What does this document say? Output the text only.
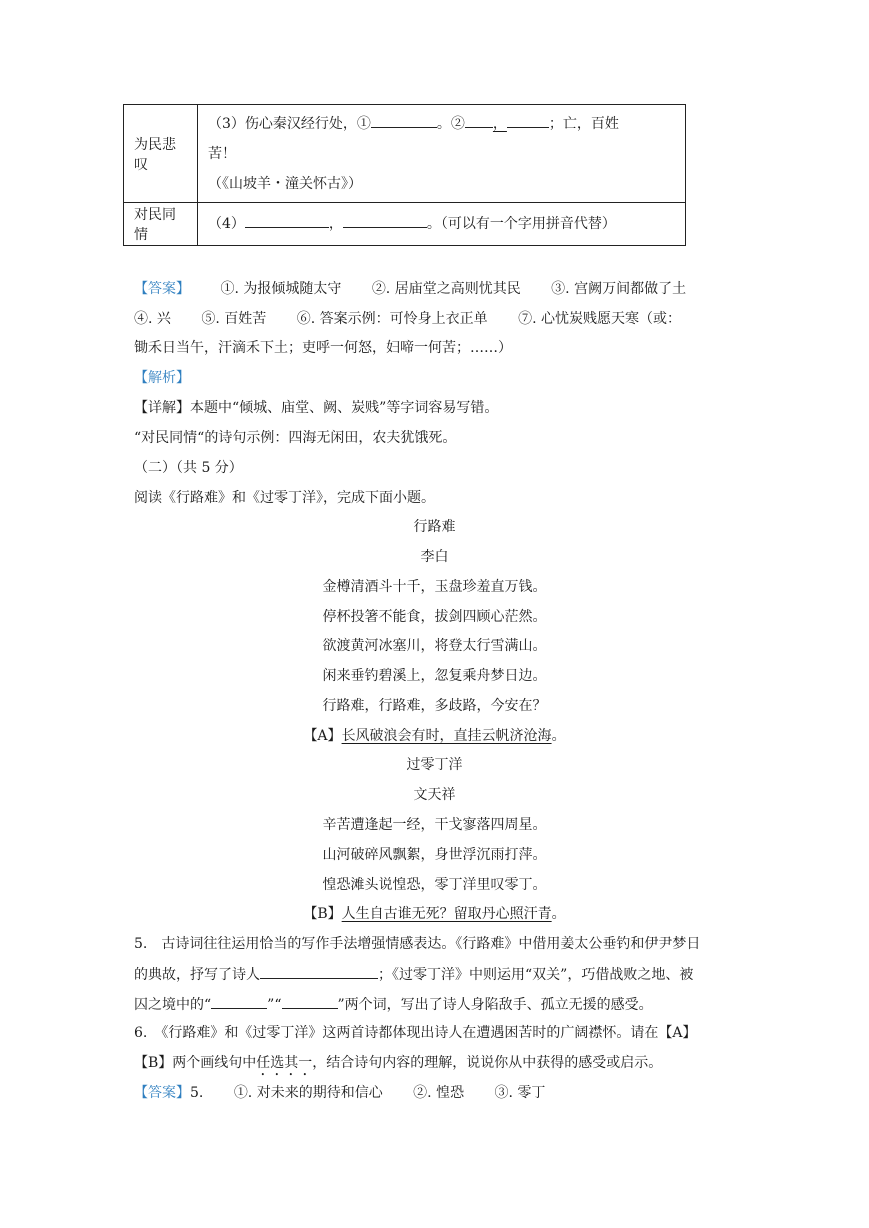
为民悲叹	（3）伤心秦汉经行处，① 。② ， ；亡，百姓
苦！
（《山坡羊・潼关怀古》）

对民同情	（4） ， 。（可以有一个字用拼音代替）
【答案】 ①. 为报倾城随太守 ②. 居庙堂之高则忧其民 ③. 宫阙万间都做了土
④. 兴 ⑤. 百姓苦 ⑥. 答案示例：可怜身上衣正单 ⑦. 心忧炭贱愿天寒（或：
锄禾日当午，汗滴禾下土；吏呼一何怒，妇啼一何苦；……）
【解析】
【详解】本题中“倾城、庙堂、阙、炭贱”等字词容易写错。
“对民同情“的诗句示例：四海无闲田，农夫犹饿死。
（二）（共 5 分）
阅读《行路难》和《过零丁洋》，完成下面小题。
行路难
李白
金樽清酒斗十千，玉盘珍羞直万钱。
停杯投箸不能食，拔剑四顾心茫然。
欲渡黄河冰塞川，将登太行雪满山。
闲来垂钓碧溪上，忽复乘舟梦日边。
行路难，行路难，多歧路，今安在？
【A】长风破浪会有时，直挂云帆济沧海。
过零丁洋
文天祥
辛苦遭逢起一经，干戈寥落四周星。
山河破碎风飘絮，身世浮沉雨打萍。
惶恐滩头说惶恐，零丁洋里叹零丁。
【B】人生自古谁无死？留取丹心照汗青。
5.　古诗词往往运用恰当的写作手法增强情感表达。《行路难》中借用姜太公垂钓和伊尹梦日
的典故，抒写了诗人	；《过零丁洋》中则运用“双关”，巧借战败之地、被
囚之境中的“	”“	”两个词，写出了诗人身陷敌手、孤立无援的感受。
6.　《行路难》和《过零丁洋》这两首诗都体现出诗人在遭遇困苦时的广阔襟怀。请在【A】
【B】两个画线句中任选其一，结合诗句内容的理解，说说你从中获得的感受或启示。
【答案】5. ①. 对未来的期待和信心 ②. 惶恐 ③. 零丁
